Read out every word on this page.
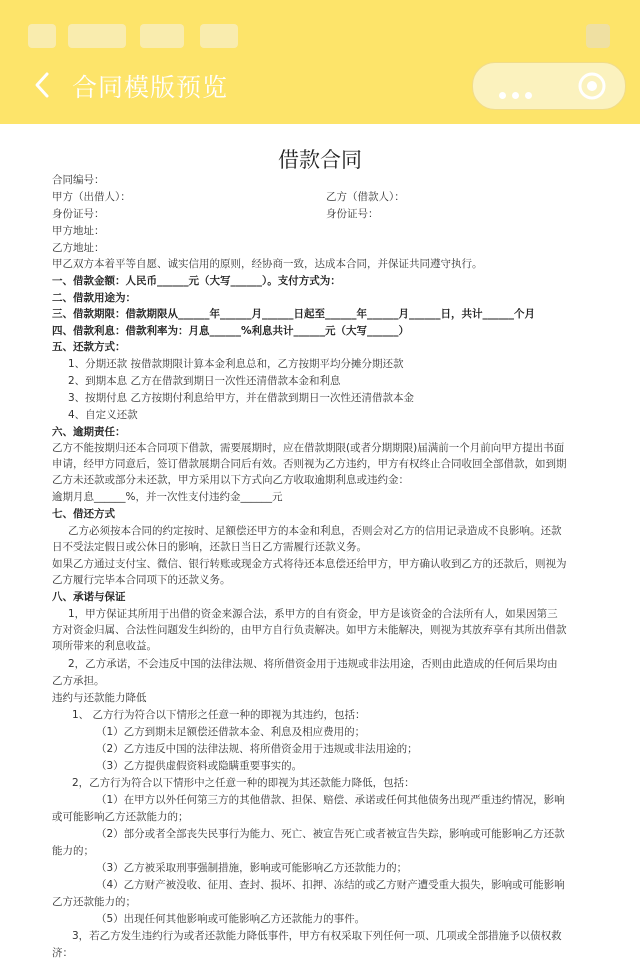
合同模版预览
借款合同
合同编号：
甲方（出借人）：	乙方（借款人）：
身份证号：	身份证号：
甲方地址：
乙方地址：
甲乙双方本着平等自愿、诚实信用的原则，经协商一致，达成本合同，并保证共同遵守执行。
一、借款金额：人民币______元（大写______）。支付方式为：
二、借款用途为：
三、借款期限：借款期限从______年______月______日起至______年______月______日，共计______个月
四、借款利息：借款利率为：月息______%利息共计______元（大写______）
五、还款方式：
1、分期还款 按借款期限计算本金利息总和，乙方按期平均分摊分期还款
2、到期本息 乙方在借款到期日一次性还清借款本金和利息
3、按期付息 乙方按期付利息给甲方，并在借款到期日一次性还清借款本金
4、自定义还款
六、逾期责任：
乙方不能按期归还本合同项下借款，需要展期时，应在借款期限(或者分期期限)届满前一个月前向甲方提出书面
申请，经甲方同意后，签订借款展期合同后有效。否则视为乙方违约，甲方有权终止合同收回全部借款，如到期
乙方未还款或部分未还款，甲方采用以下方式向乙方收取逾期利息或违约金：
逾期月息______%，并一次性支付违约金______元
七、借还方式
乙方必须按本合同的约定按时、足额偿还甲方的本金和利息，否则会对乙方的信用记录造成不良影响。还款
日不受法定假日或公休日的影响，还款日当日乙方需履行还款义务。
如果乙方通过支付宝、微信、银行转账或现金方式将待还本息偿还给甲方，甲方确认收到乙方的还款后，则视为
乙方履行完毕本合同项下的还款义务。
八、承诺与保证
1，甲方保证其所用于出借的资金来源合法，系甲方的自有资金，甲方是该资金的合法所有人，如果因第三
方对资金归属、合法性问题发生纠纷的，由甲方自行负责解决。如甲方未能解决，则视为其放弃享有其所出借款
项所带来的利息收益。
2，乙方承诺，不会违反中国的法律法规、将所借资金用于违规或非法用途，否则由此造成的任何后果均由
乙方承担。
违约与还款能力降低
1、 乙方行为符合以下情形之任意一种的即视为其违约，包括：
（1）乙方到期未足额偿还借款本金、利息及相应费用的；
（2）乙方违反中国的法律法规、将所借资金用于违规或非法用途的；
（3）乙方提供虚假资料或隐瞒重要事实的。
2，乙方行为符合以下情形中之任意一种的即视为其还款能力降低，包括：
（1）在甲方以外任何第三方的其他借款、担保、赔偿、承诺或任何其他债务出现严重违约情况，影响
或可能影响乙方还款能力的；
（2）部分或者全部丧失民事行为能力、死亡、被宣告死亡或者被宣告失踪，影响或可能影响乙方还款
能力的；
（3）乙方被采取刑事强制措施，影响或可能影响乙方还款能力的；
（4）乙方财产被没收、征用、查封、损坏、扣押、冻结的或乙方财产遭受重大损失，影响或可能影响
乙方还款能力的；
（5）出现任何其他影响或可能影响乙方还款能力的事件。
3，若乙方发生违约行为或者还款能力降低事件，甲方有权采取下列任何一项、几项或全部措施予以债权救
济：
